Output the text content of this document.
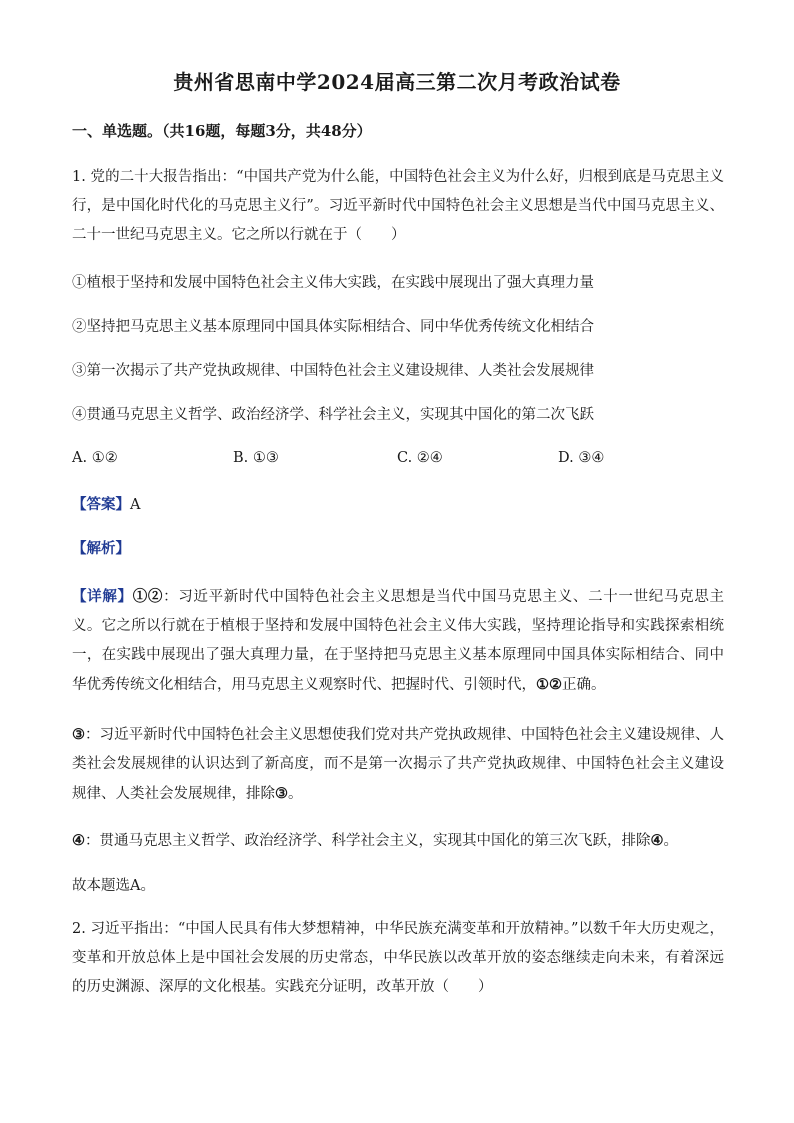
贵州省思南中学2024届高三第二次月考政治试卷
一、单选题。（共16题，每题3分，共48分）

1. 党的二十大报告指出：“中国共产党为什么能，中国特色社会主义为什么好，归根到底是马克思主义行，是中国化时代化的马克思主义行”。习近平新时代中国特色社会主义思想是当代中国马克思主义、二十一世纪马克思主义。它之所以行就在于（　　）

①植根于坚持和发展中国特色社会主义伟大实践，在实践中展现出了强大真理力量
②坚持把马克思主义基本原理同中国具体实际相结合、同中华优秀传统文化相结合
③第一次揭示了共产党执政规律、中国特色社会主义建设规律、人类社会发展规律
④贯通马克思主义哲学、政治经济学、科学社会主义，实现其中国化的第二次飞跃
A. ①②	B. ①③	C. ②④	D. ③④
【答案】A
【解析】

【详解】①②：习近平新时代中国特色社会主义思想是当代中国马克思主义、二十一世纪马克思主义。它之所以行就在于植根于坚持和发展中国特色社会主义伟大实践，坚持理论指导和实践探索相统一，在实践中展现出了强大真理力量，在于坚持把马克思主义基本原理同中国具体实际相结合、同中华优秀传统文化相结合，用马克思主义观察时代、把握时代、引领时代，①②正确。

③：习近平新时代中国特色社会主义思想使我们党对共产党执政规律、中国特色社会主义建设规律、人类社会发展规律的认识达到了新高度，而不是第一次揭示了共产党执政规律、中国特色社会主义建设规律、人类社会发展规律，排除③。

④：贯通马克思主义哲学、政治经济学、科学社会主义，实现其中国化的第三次飞跃，排除④。

故本题选A。

2. 习近平指出：“中国人民具有伟大梦想精神，中华民族充满变革和开放精神。”以数千年大历史观之，变革和开放总体上是中国社会发展的历史常态，中华民族以改革开放的姿态继续走向未来，有着深远的历史渊源、深厚的文化根基。实践充分证明，改革开放（　　）
